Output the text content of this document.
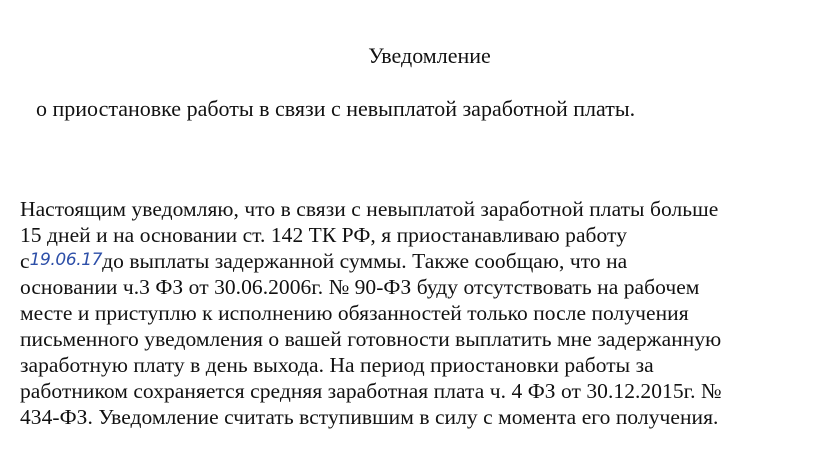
Уведомление
о приостановке работы в связи с невыплатой заработной платы.
Настоящим уведомляю, что в связи с невыплатой заработной платы больше
15 дней и на основании ст. 142 ТК РФ, я приостанавливаю работу
с19.06.17до выплаты задержанной суммы. Также сообщаю, что на
основании ч.3 ФЗ от 30.06.2006г. № 90-ФЗ буду отсутствовать на рабочем
месте и приступлю к исполнению обязанностей только после получения
письменного уведомления о вашей готовности выплатить мне задержанную
заработную плату в день выхода. На период приостановки работы за
работником сохраняется средняя заработная плата ч. 4 ФЗ от 30.12.2015г. №
434-ФЗ. Уведомление считать вступившим в силу с момента его получения.
